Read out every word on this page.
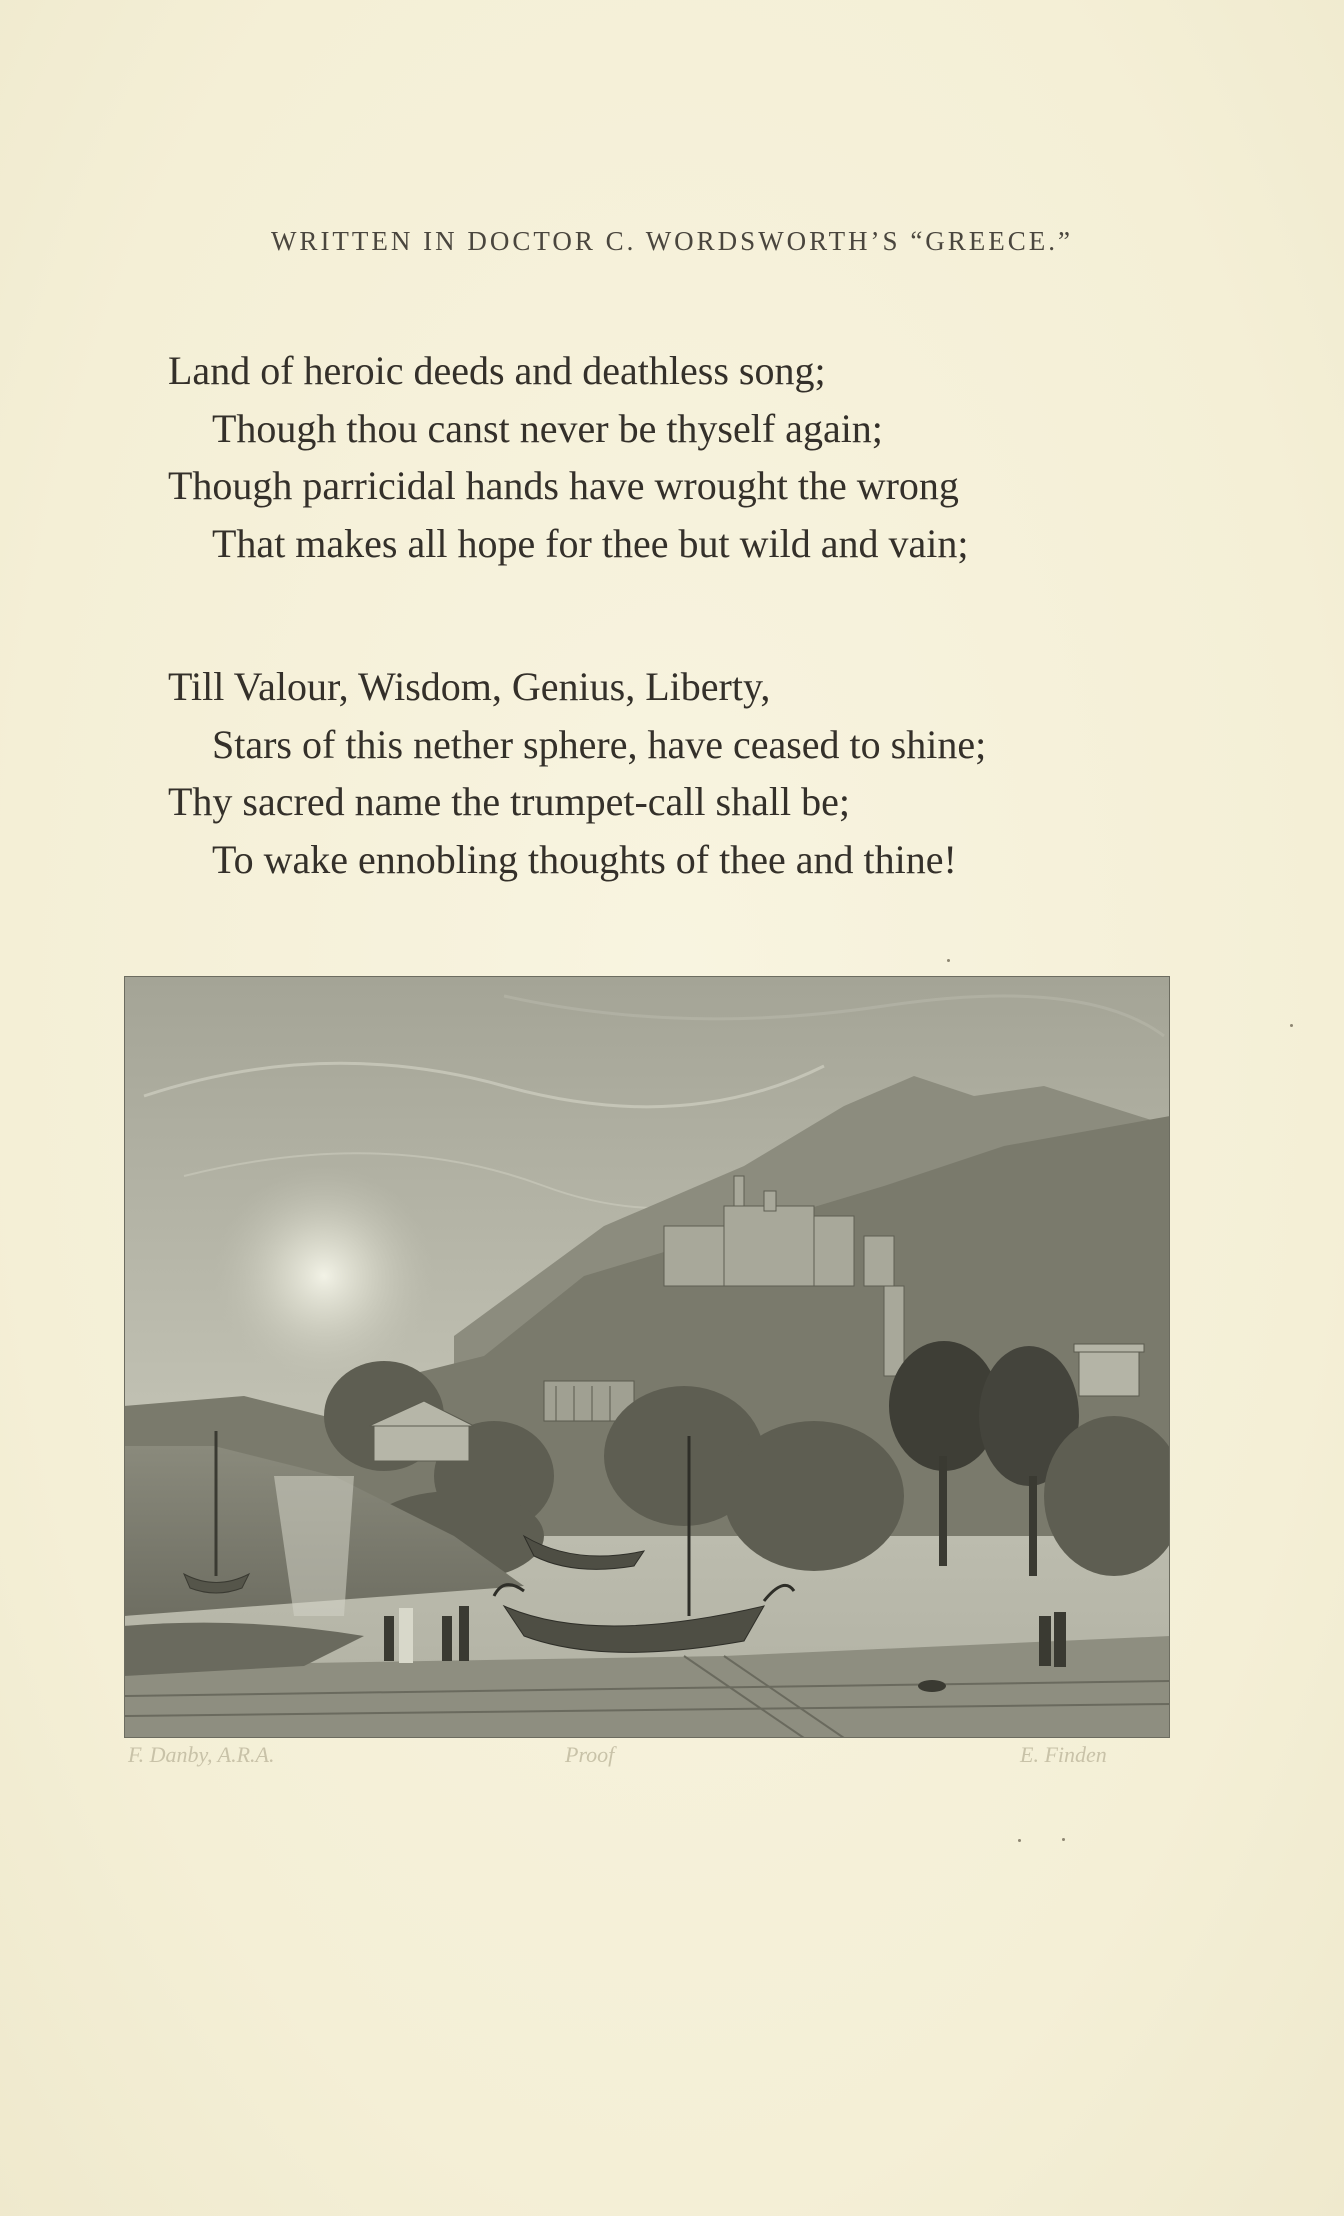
WRITTEN IN DOCTOR C. WORDSWORTH’S “GREECE.”
Land of heroic deeds and deathless song;
Though thou canst never be thyself again;
Though parricidal hands have wrought the wrong
That makes all hope for thee but wild and vain;
Till Valour, Wisdom, Genius, Liberty,
Stars of this nether sphere, have ceased to shine;
Thy sacred name the trumpet-call shall be;
To wake ennobling thoughts of thee and thine!
F. Danby, A.R.A.	Proof	E. Finden
